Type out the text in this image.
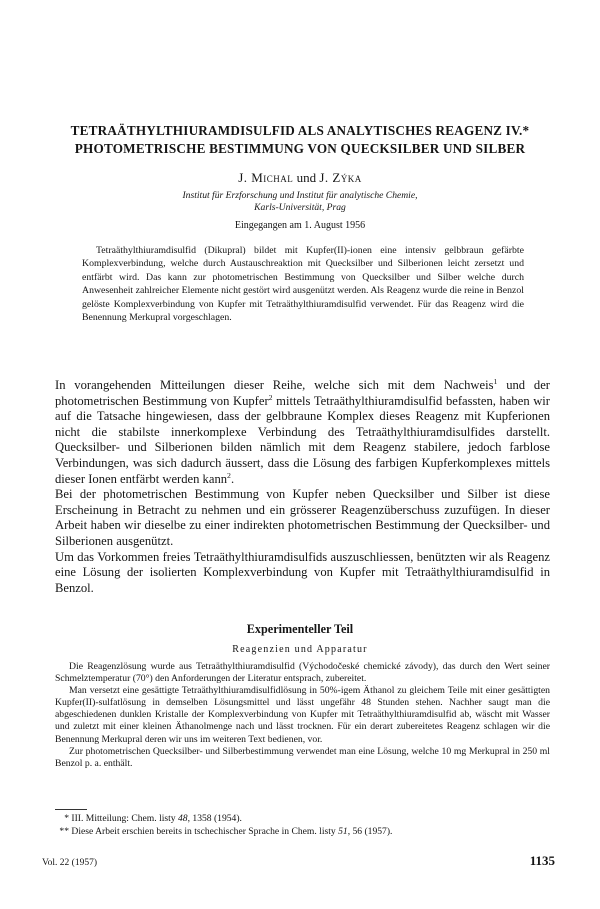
TETRAÄTHYLTHIURAMDISULFID ALS ANALYTISCHES REAGENZ IV.*
PHOTOMETRISCHE BESTIMMUNG VON QUECKSILBER UND SILBER
J. Michal und J. Zýka
Institut für Erzforschung und Institut für analytische Chemie,
Karls-Universität, Prag
Eingegangen am 1. August 1956
Tetraäthylthiuramdisulfid (Dikupral) bildet mit Kupfer(II)-ionen eine intensiv gelbbraun gefärbte Komplexverbindung, welche durch Austauschreaktion mit Quecksilber und Silberionen leicht zersetzt und entfärbt wird. Das kann zur photometrischen Bestimmung von Quecksilber und Silber welche durch Anwesenheit zahlreicher Elemente nicht gestört wird ausgenützt werden. Als Reagenz wurde die reine in Benzol gelöste Komplexverbindung von Kupfer mit Tetraäthylthiuramdisulfid verwendet. Für das Reagenz wird die Benennung Merkupral vorgeschlagen.

In vorangehenden Mitteilungen dieser Reihe, welche sich mit dem Nachweis$^1$ und der photometrischen Bestimmung von Kupfer$^2$ mittels Tetraäthylthiuramdisulfid befassten, haben wir auf die Tatsache hingewiesen, dass der gelbbraune Komplex dieses Reagenz mit Kupferionen nicht die stabilste innerkomplexe Verbindung des Tetraäthylthiuramdisulfides darstellt. Quecksilber- und Silberionen bilden nämlich mit dem Reagenz stabilere, jedoch farblose Verbindungen, was sich dadurch äussert, dass die Lösung des farbigen Kupferkomplexes mittels dieser Ionen entfärbt werden kann$^2$.

Bei der photometrischen Bestimmung von Kupfer neben Quecksilber und Silber ist diese Erscheinung in Betracht zu nehmen und ein grösserer Reagenzüberschuss zuzufügen. In dieser Arbeit haben wir dieselbe zu einer indirekten photometrischen Bestimmung der Quecksilber- und Silberionen ausgenützt.

Um das Vorkommen freies Tetraäthylthiuramdisulfids auszuschliessen, benützten wir als Reagenz eine Lösung der isolierten Komplexverbindung von Kupfer mit Tetraäthylthiuramdisulfid in Benzol.

Experimenteller Teil
Reagenzien und Apparatur

Die Reagenzlösung wurde aus Tetraäthylthiuramdisulfid (Východočeské chemické závody), das durch den Wert seiner Schmelztemperatur (70°) den Anforderungen der Literatur entsprach, zubereitet.

Man versetzt eine gesättigte Tetraäthylthiuramdisulfidlösung in 50%-igem Äthanol zu gleichem Teile mit einer gesättigten Kupfer(II)-sulfatlösung in demselben Lösungsmittel und lässt ungefähr 48 Stunden stehen. Nachher saugt man die abgeschiedenen dunklen Kristalle der Komplexverbindung von Kupfer mit Tetraäthylthiuramdisulfid ab, wäscht mit Wasser und zuletzt mit einer kleinen Äthanolmenge nach und lässt trocknen. Für ein derart zubereitetes Reagenz schlagen wir die Benennung Merkupral deren wir uns im weiteren Text bedienen, vor.

Zur photometrischen Quecksilber- und Silberbestimmung verwendet man eine Lösung, welche 10 mg Merkupral in 250 ml Benzol p. a. enthält.

* III. Mitteilung: Chem. listy 48, 1358 (1954).
** Diese Arbeit erschien bereits in tschechischer Sprache in Chem. listy 51, 56 (1957).
Vol. 22 (1957)	1135
